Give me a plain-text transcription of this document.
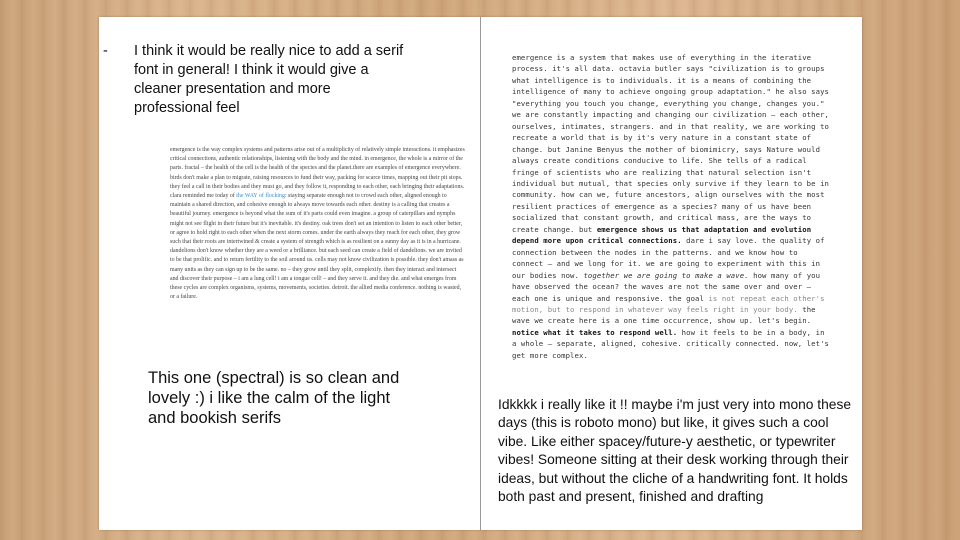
- I think it would be really nice to add a serif font in general! I think it would give a cleaner presentation and more professional feel
emergence is the way complex systems and patterns arise out of a multiplicity of relatively simple interactions. it emphasizes critical connections, authentic relationships, listening with the body and the mind. in emergence, the whole is a mirror of the parts. fractal – the health of the cell is the health of the species and the planet.there are examples of emergence everywhere. birds don't make a plan to migrate, raising resources to fund their way, packing for scarce times, mapping out their pit stops. they feel a call in their bodies and they must go, and they follow it, responding to each other, each bringing their adaptations. clara reminded me today of the WAY of flocking: staying separate enough not to crowd each other, aligned enough to maintain a shared direction, and cohesive enough to always move towards each other. destiny is a calling that creates a beautiful journey. emergence is beyond what the sum of it's parts could even imagine. a group of caterpillars and nymphs might not see flight in their future but it's inevitable. it's destiny. oak trees don't set an intention to listen to each other better, or agree to hold right to each other when the next storm comes. under the earth always they reach for each other, they grow such that their roots are intertwined & create a system of strength which is as resilient on a sunny day as it is in a hurricane. dandelions don't know whether they are a weed or a brilliance. but each seed can create a field of dandelions. we are invited to be that prolific. and to return fertility to the soil around us. cells may not know civilization is possible. they don't amass as many units as they can sign up to be the same. no – they grow until they split, complexify. then they interact and intersect and discover their purpose – i am a lung cell! i am a tongue cell! – and they serve it. and they die. and what emerges from these cycles are complex organisms, systems, movements, societies. detroit. the allied media conference. nothing is wasted, or a failure.
This one (spectral) is so clean and lovely :) i like the calm of the light and bookish serifs
emergence is a system that makes use of everything in the iterative process. it's all data. octavia butler says "civilization is to groups what intelligence is to individuals. it is a means of combining the intelligence of many to achieve ongoing group adaptation." he also says "everything you touch you change, everything you change, changes you." we are constantly impacting and changing our civilization – each other, ourselves, intimates, strangers. and in that reality, we are working to recreate a world that is by it's very nature in a constant state of change. but Janine Benyus the mother of biomimicry, says Nature would always create conditions conducive to life. She tells of a radical fringe of scientists who are realizing that natural selection isn't individual but mutual, that species only survive if they learn to be in community. how can we, future ancestors, align ourselves with the most resilient practices of emergence as a species? many of us have been socialized that constant growth, and critical mass, are the ways to create change. but emergence shows us that adaptation and evolution depend more upon critical connections. dare i say love. the quality of connection between the nodes in the patterns. and we know how to connect – and we long for it. we are going to experiment with this in our bodies now. together we are going to make a wave. how many of you have observed the ocean? the waves are not the same over and over – each one is unique and responsive. the goal is not repeat each other's motion, but to respond in whatever way feels right in your body. the wave we create here is a one time occurrence, show up. let's begin. notice what it takes to respond well. how it feels to be in a body, in a whole – separate, aligned, cohesive. critically connected. now, let's get more complex.
Idkkkk i really like it !! maybe i'm just very into mono these days (this is roboto mono) but like, it gives such a cool vibe. Like either spacey/future-y aesthetic, or typewriter vibes! Someone sitting at their desk working through their ideas, but without the cliche of a handwriting font. It holds both past and present, finished and drafting
